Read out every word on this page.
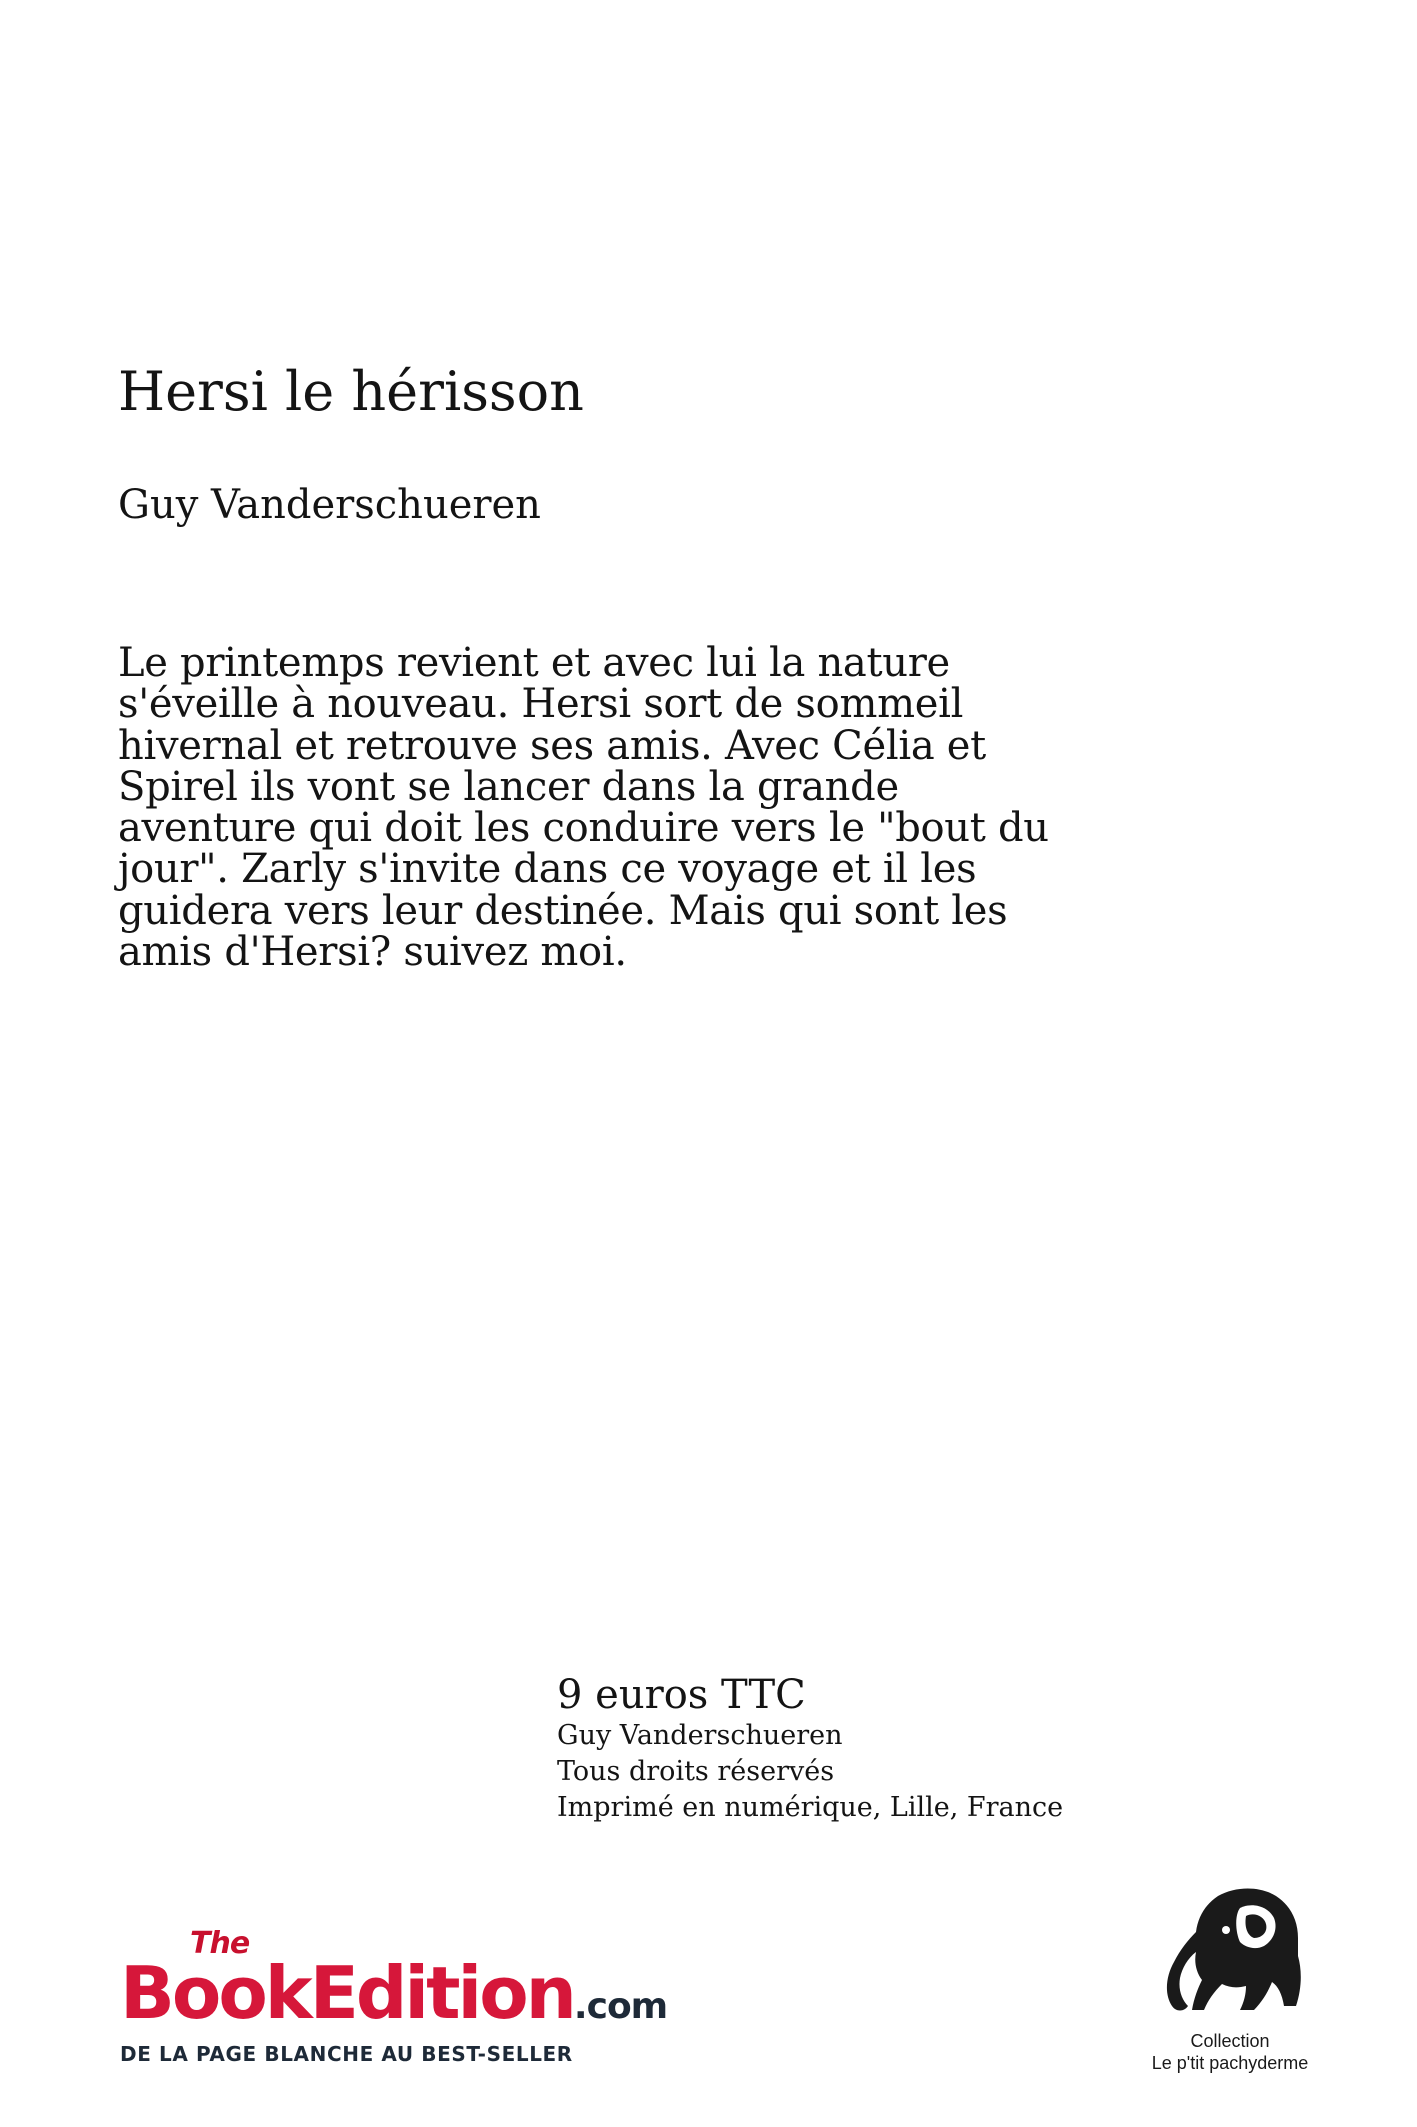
Hersi le hérisson
Guy Vanderschueren

Le printemps revient et avec lui la nature s'éveille à nouveau. Hersi sort de sommeil hivernal et retrouve ses amis. Avec Célia et Spirel ils vont se lancer dans la grande aventure qui doit les conduire vers le "bout du jour". Zarly s'invite dans ce voyage et il les guidera vers leur destinée. Mais qui sont les amis d'Hersi? suivez moi.

9 euros TTC
Guy Vanderschueren
Tous droits réservés
Imprimé en numérique, Lille, France
The
BookEdition.com
DE LA PAGE BLANCHE AU BEST-SELLER
Collection
Le p'tit pachyderme
